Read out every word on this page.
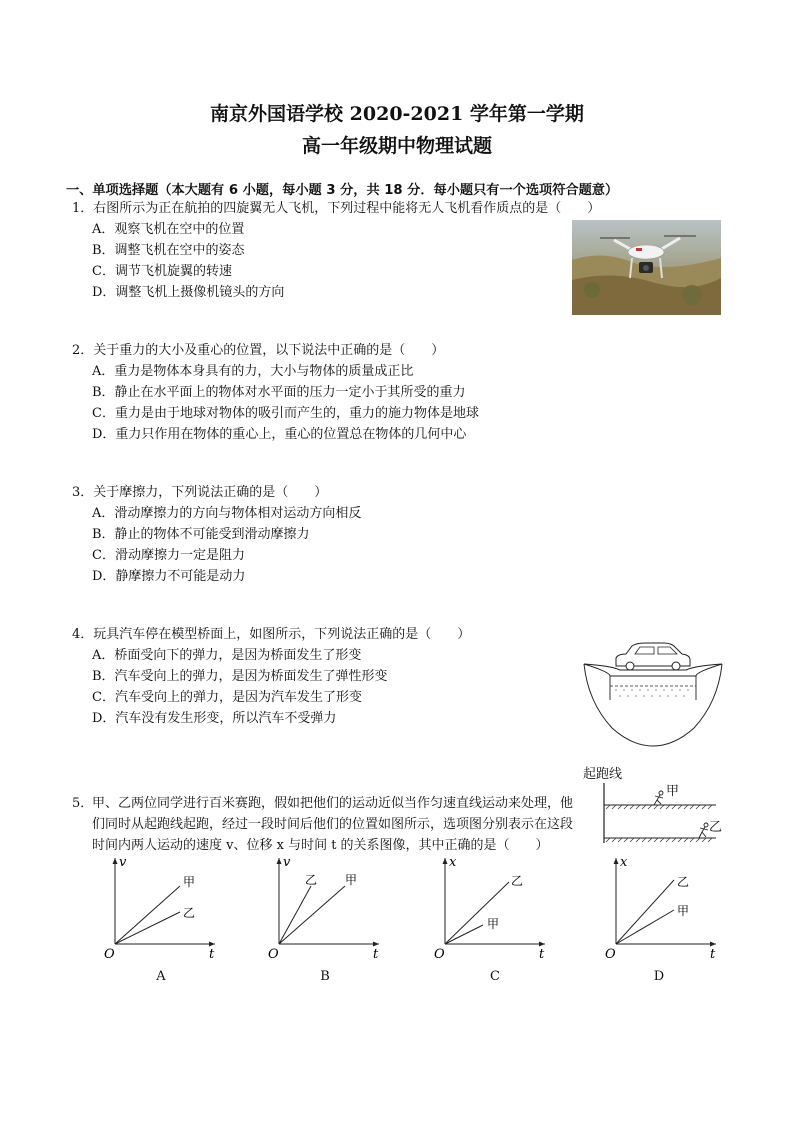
南京外国语学校 2020-2021 学年第一学期
高一年级期中物理试题
一、单项选择题（本大题有 6 小题，每小题 3 分，共 18 分．每小题只有一个选项符合题意）
1．右图所示为正在航拍的四旋翼无人飞机，下列过程中能将无人飞机看作质点的是（　　）
A．观察飞机在空中的位置
B．调整飞机在空中的姿态
C．调节飞机旋翼的转速
D．调整飞机上摄像机镜头的方向
2．关于重力的大小及重心的位置，以下说法中正确的是（　　）
A．重力是物体本身具有的力，大小与物体的质量成正比
B．静止在水平面上的物体对水平面的压力一定小于其所受的重力
C．重力是由于地球对物体的吸引而产生的，重力的施力物体是地球
D．重力只作用在物体的重心上，重心的位置总在物体的几何中心
3．关于摩擦力，下列说法正确的是（　　）
A．滑动摩擦力的方向与物体相对运动方向相反
B．静止的物体不可能受到滑动摩擦力
C．滑动摩擦力一定是阻力
D．静摩擦力不可能是动力
4．玩具汽车停在模型桥面上，如图所示，下列说法正确的是（　　）
A．桥面受向下的弹力，是因为桥面发生了形变
B．汽车受向上的弹力，是因为桥面发生了弹性形变
C．汽车受向上的弹力，是因为汽车发生了形变
D．汽车没有发生形变，所以汽车不受弹力
5．
甲、乙两位同学进行百米赛跑，假如把他们的运动近似当作匀速直线运动来处理，他们同时从起跑线起跑，经过一段时间后他们的位置如图所示，选项图分别表示在这段时间内两人运动的速度 v、位移 x 与时间 t 的关系图像，其中正确的是（　　）
起跑线
甲
乙
O	t
v
甲
乙
A
O	t
v
乙 甲
B
O	t
x
乙
甲
C
O	t
x
乙
甲
D
